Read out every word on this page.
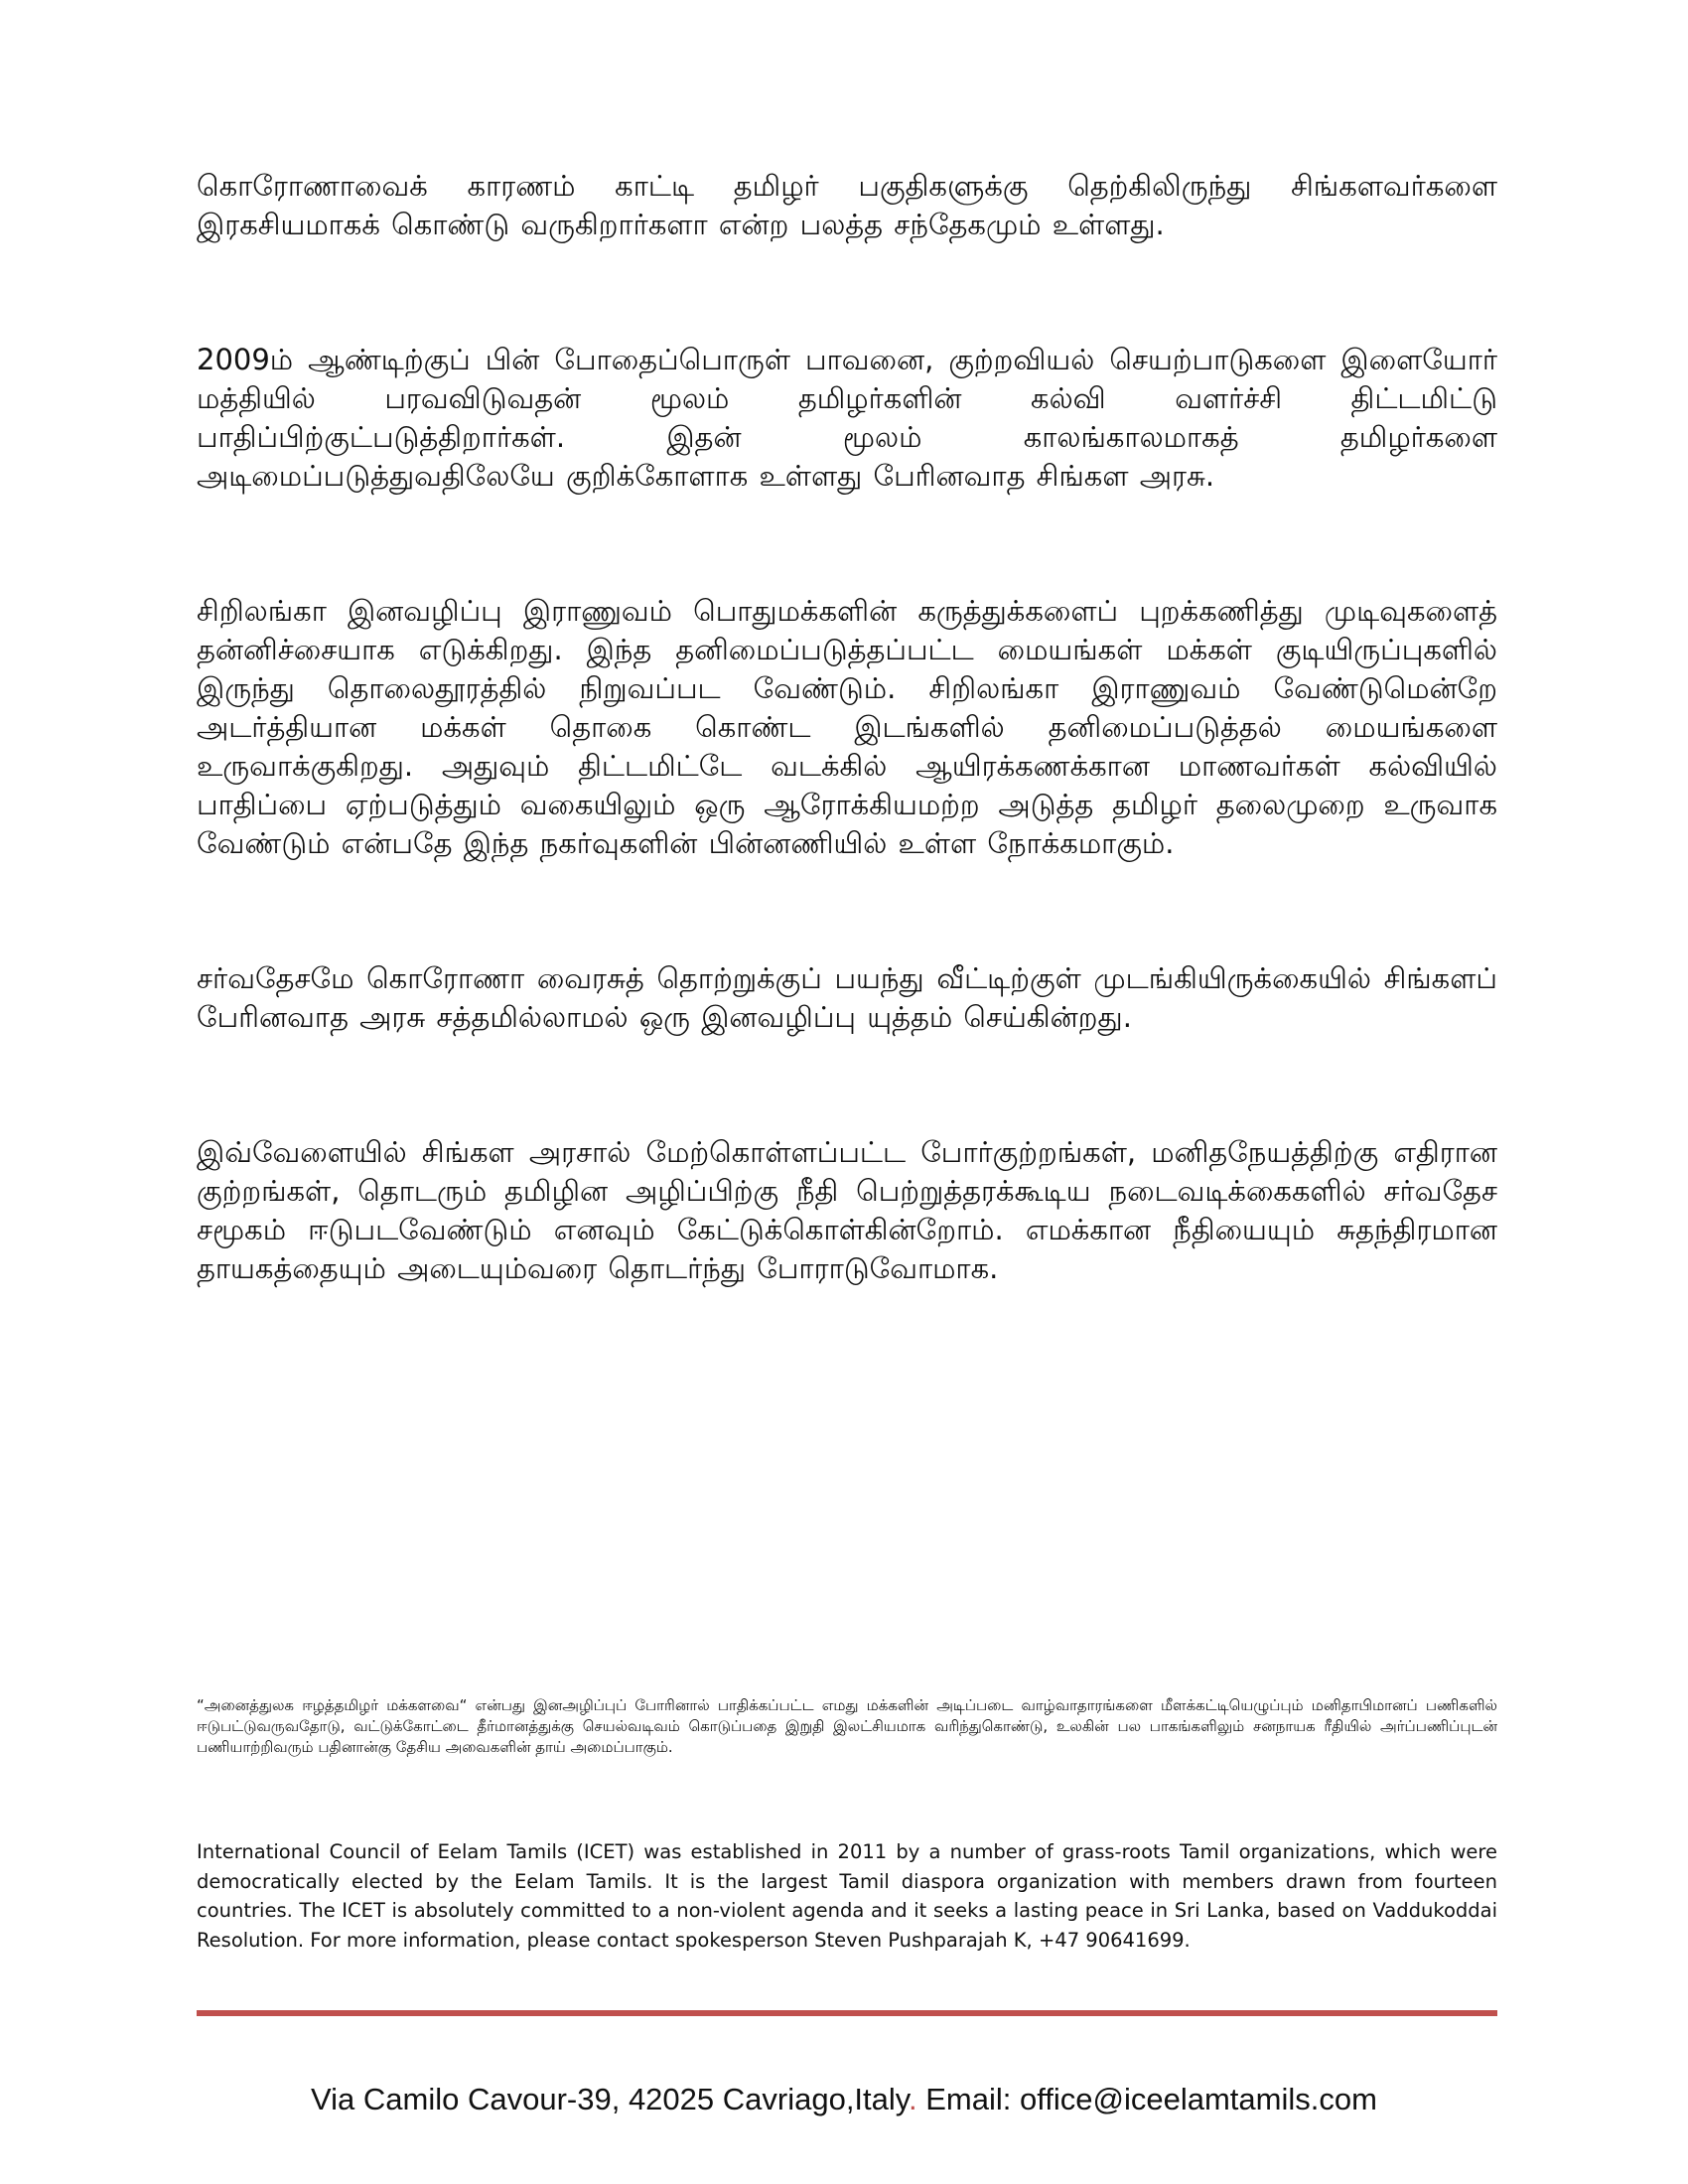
கொரோணாவைக் காரணம் காட்டி தமிழர் பகுதிகளுக்கு தெற்கிலிருந்து சிங்களவர்களை இரகசியமாகக் கொண்டு வருகிறார்களா என்ற பலத்த சந்தேகமும் உள்ளது.

2009ம் ஆண்டிற்குப் பின் போதைப்பொருள் பாவனை, குற்றவியல் செயற்பாடுகளை இளையோர் மத்தியில் பரவவிடுவதன் மூலம் தமிழர்களின் கல்வி வளர்ச்சி திட்டமிட்டு பாதிப்பிற்குட்படுத்திறார்கள். இதன் மூலம் காலங்காலமாகத் தமிழர்களை அடிமைப்படுத்துவதிலேயே குறிக்கோளாக உள்ளது பேரினவாத சிங்கள அரசு.

சிறிலங்கா இனவழிப்பு இராணுவம் பொதுமக்களின் கருத்துக்களைப் புறக்கணித்து முடிவுகளைத் தன்னிச்சையாக எடுக்கிறது. இந்த தனிமைப்படுத்தப்பட்ட மையங்கள் மக்கள் குடியிருப்புகளில் இருந்து தொலைதூரத்தில் நிறுவப்பட வேண்டும். சிறிலங்கா இராணுவம் வேண்டுமென்றே அடர்த்தியான மக்கள் தொகை கொண்ட இடங்களில் தனிமைப்படுத்தல் மையங்களை உருவாக்குகிறது. அதுவும் திட்டமிட்டே வடக்கில் ஆயிரக்கணக்கான மாணவர்கள் கல்வியில் பாதிப்பை ஏற்படுத்தும் வகையிலும் ஒரு ஆரோக்கியமற்ற அடுத்த தமிழர் தலைமுறை உருவாக வேண்டும் என்பதே இந்த நகர்வுகளின் பின்னணியில் உள்ள நோக்கமாகும்.

சர்வதேசமே கொரோணா வைரசுத் தொற்றுக்குப் பயந்து வீட்டிற்குள் முடங்கியிருக்கையில் சிங்களப் பேரினவாத அரசு சத்தமில்லாமல் ஒரு இனவழிப்பு யுத்தம் செய்கின்றது.

இவ்வேளையில் சிங்கள அரசால் மேற்கொள்ளப்பட்ட போர்குற்றங்கள், மனிதநேயத்திற்கு எதிரான குற்றங்கள், தொடரும் தமிழின அழிப்பிற்கு நீதி பெற்றுத்தரக்கூடிய நடைவடிக்கைகளில் சர்வதேச சமூகம் ஈடுபடவேண்டும் எனவும் கேட்டுக்கொள்கின்றோம். எமக்கான நீதியையும் சுதந்திரமான தாயகத்தையும் அடையும்வரை தொடர்ந்து போராடுவோமாக.

“அனைத்துலக ஈழத்தமிழர் மக்களவை“ என்பது இனஅழிப்புப் போரினால் பாதிக்கப்பட்ட எமது மக்களின் அடிப்படை வாழ்வாதாரங்களை மீளக்கட்டியெழுப்பும் மனிதாபிமானப் பணிகளில் ஈடுபட்டுவருவதோடு, வட்டுக்கோட்டை தீர்மானத்துக்கு செயல்வடிவம் கொடுப்பதை இறுதி இலட்சியமாக வரிந்துகொண்டு, உலகின் பல பாகங்களிலும் சனநாயக ரீதியில் அர்ப்பணிப்புடன் பணியாற்றிவரும் பதினான்கு தேசிய அவைகளின் தாய் அமைப்பாகும்.

International Council of Eelam Tamils (ICET) was established in 2011 by a number of grass-roots Tamil organizations, which were democratically elected by the Eelam Tamils. It is the largest Tamil diaspora organization with members drawn from fourteen countries. The ICET is absolutely committed to a non-violent agenda and it seeks a lasting peace in Sri Lanka, based on Vaddukoddai Resolution. For more information, please contact spokesperson Steven Pushparajah K, +47 90641699.

Via Camilo Cavour-39, 42025 Cavriago,Italy. Email: office@iceelamtamils.com
